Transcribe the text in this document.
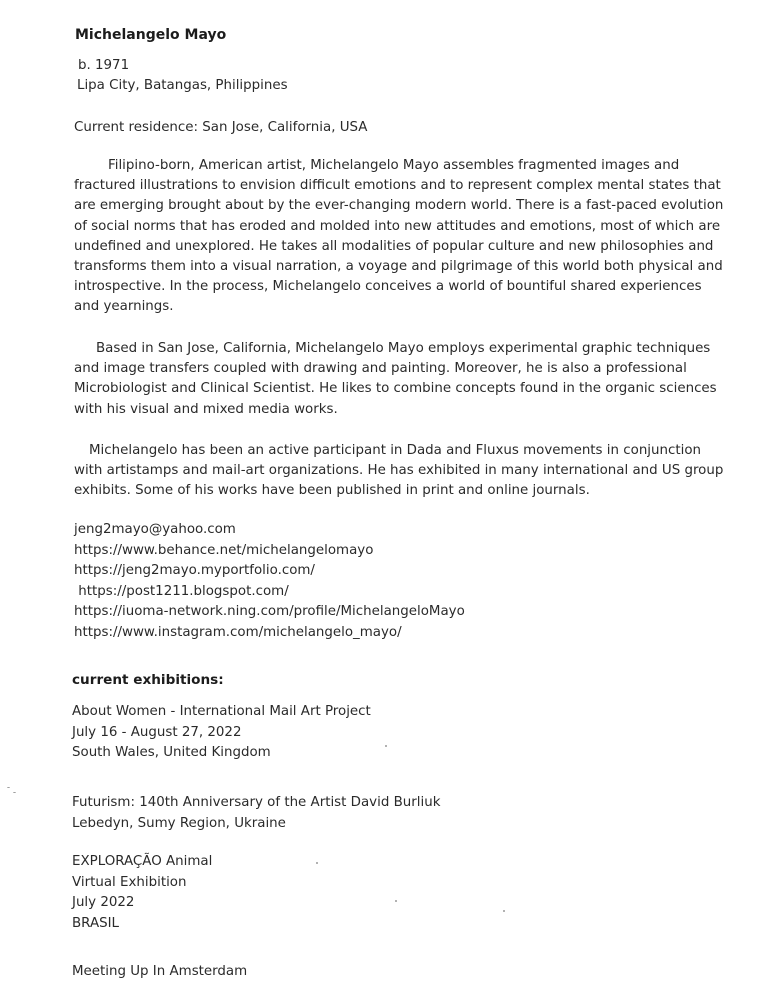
Michelangelo Mayo
b. 1971
Lipa City, Batangas, Philippines
Current residence: San Jose, California, USA
Filipino-born, American artist, Michelangelo Mayo assembles fragmented images and
fractured illustrations to envision difficult emotions and to represent complex mental states that
are emerging brought about by the ever-changing modern world. There is a fast-paced evolution
of social norms that has eroded and molded into new attitudes and emotions, most of which are
undefined and unexplored. He takes all modalities of popular culture and new philosophies and
transforms them into a visual narration, a voyage and pilgrimage of this world both physical and
introspective. In the process, Michelangelo conceives a world of bountiful shared experiences
and yearnings.
Based in San Jose, California, Michelangelo Mayo employs experimental graphic techniques
and image transfers coupled with drawing and painting. Moreover, he is also a professional
Microbiologist and Clinical Scientist. He likes to combine concepts found in the organic sciences
with his visual and mixed media works.
Michelangelo has been an active participant in Dada and Fluxus movements in conjunction
with artistamps and mail-art organizations. He has exhibited in many international and US group
exhibits. Some of his works have been published in print and online journals.
jeng2mayo@yahoo.com
https://www.behance.net/michelangelomayo
https://jeng2mayo.myportfolio.com/
https://post1211.blogspot.com/
https://iuoma-network.ning.com/profile/MichelangeloMayo
https://www.instagram.com/michelangelo_mayo/
current exhibitions:
About Women - International Mail Art Project
July 16 - August 27, 2022
South Wales, United Kingdom
Futurism: 140th Anniversary of the Artist David Burliuk
Lebedyn, Sumy Region, Ukraine
EXPLORAÇÃO Animal
Virtual Exhibition
July 2022
BRASIL
Meeting Up In Amsterdam
